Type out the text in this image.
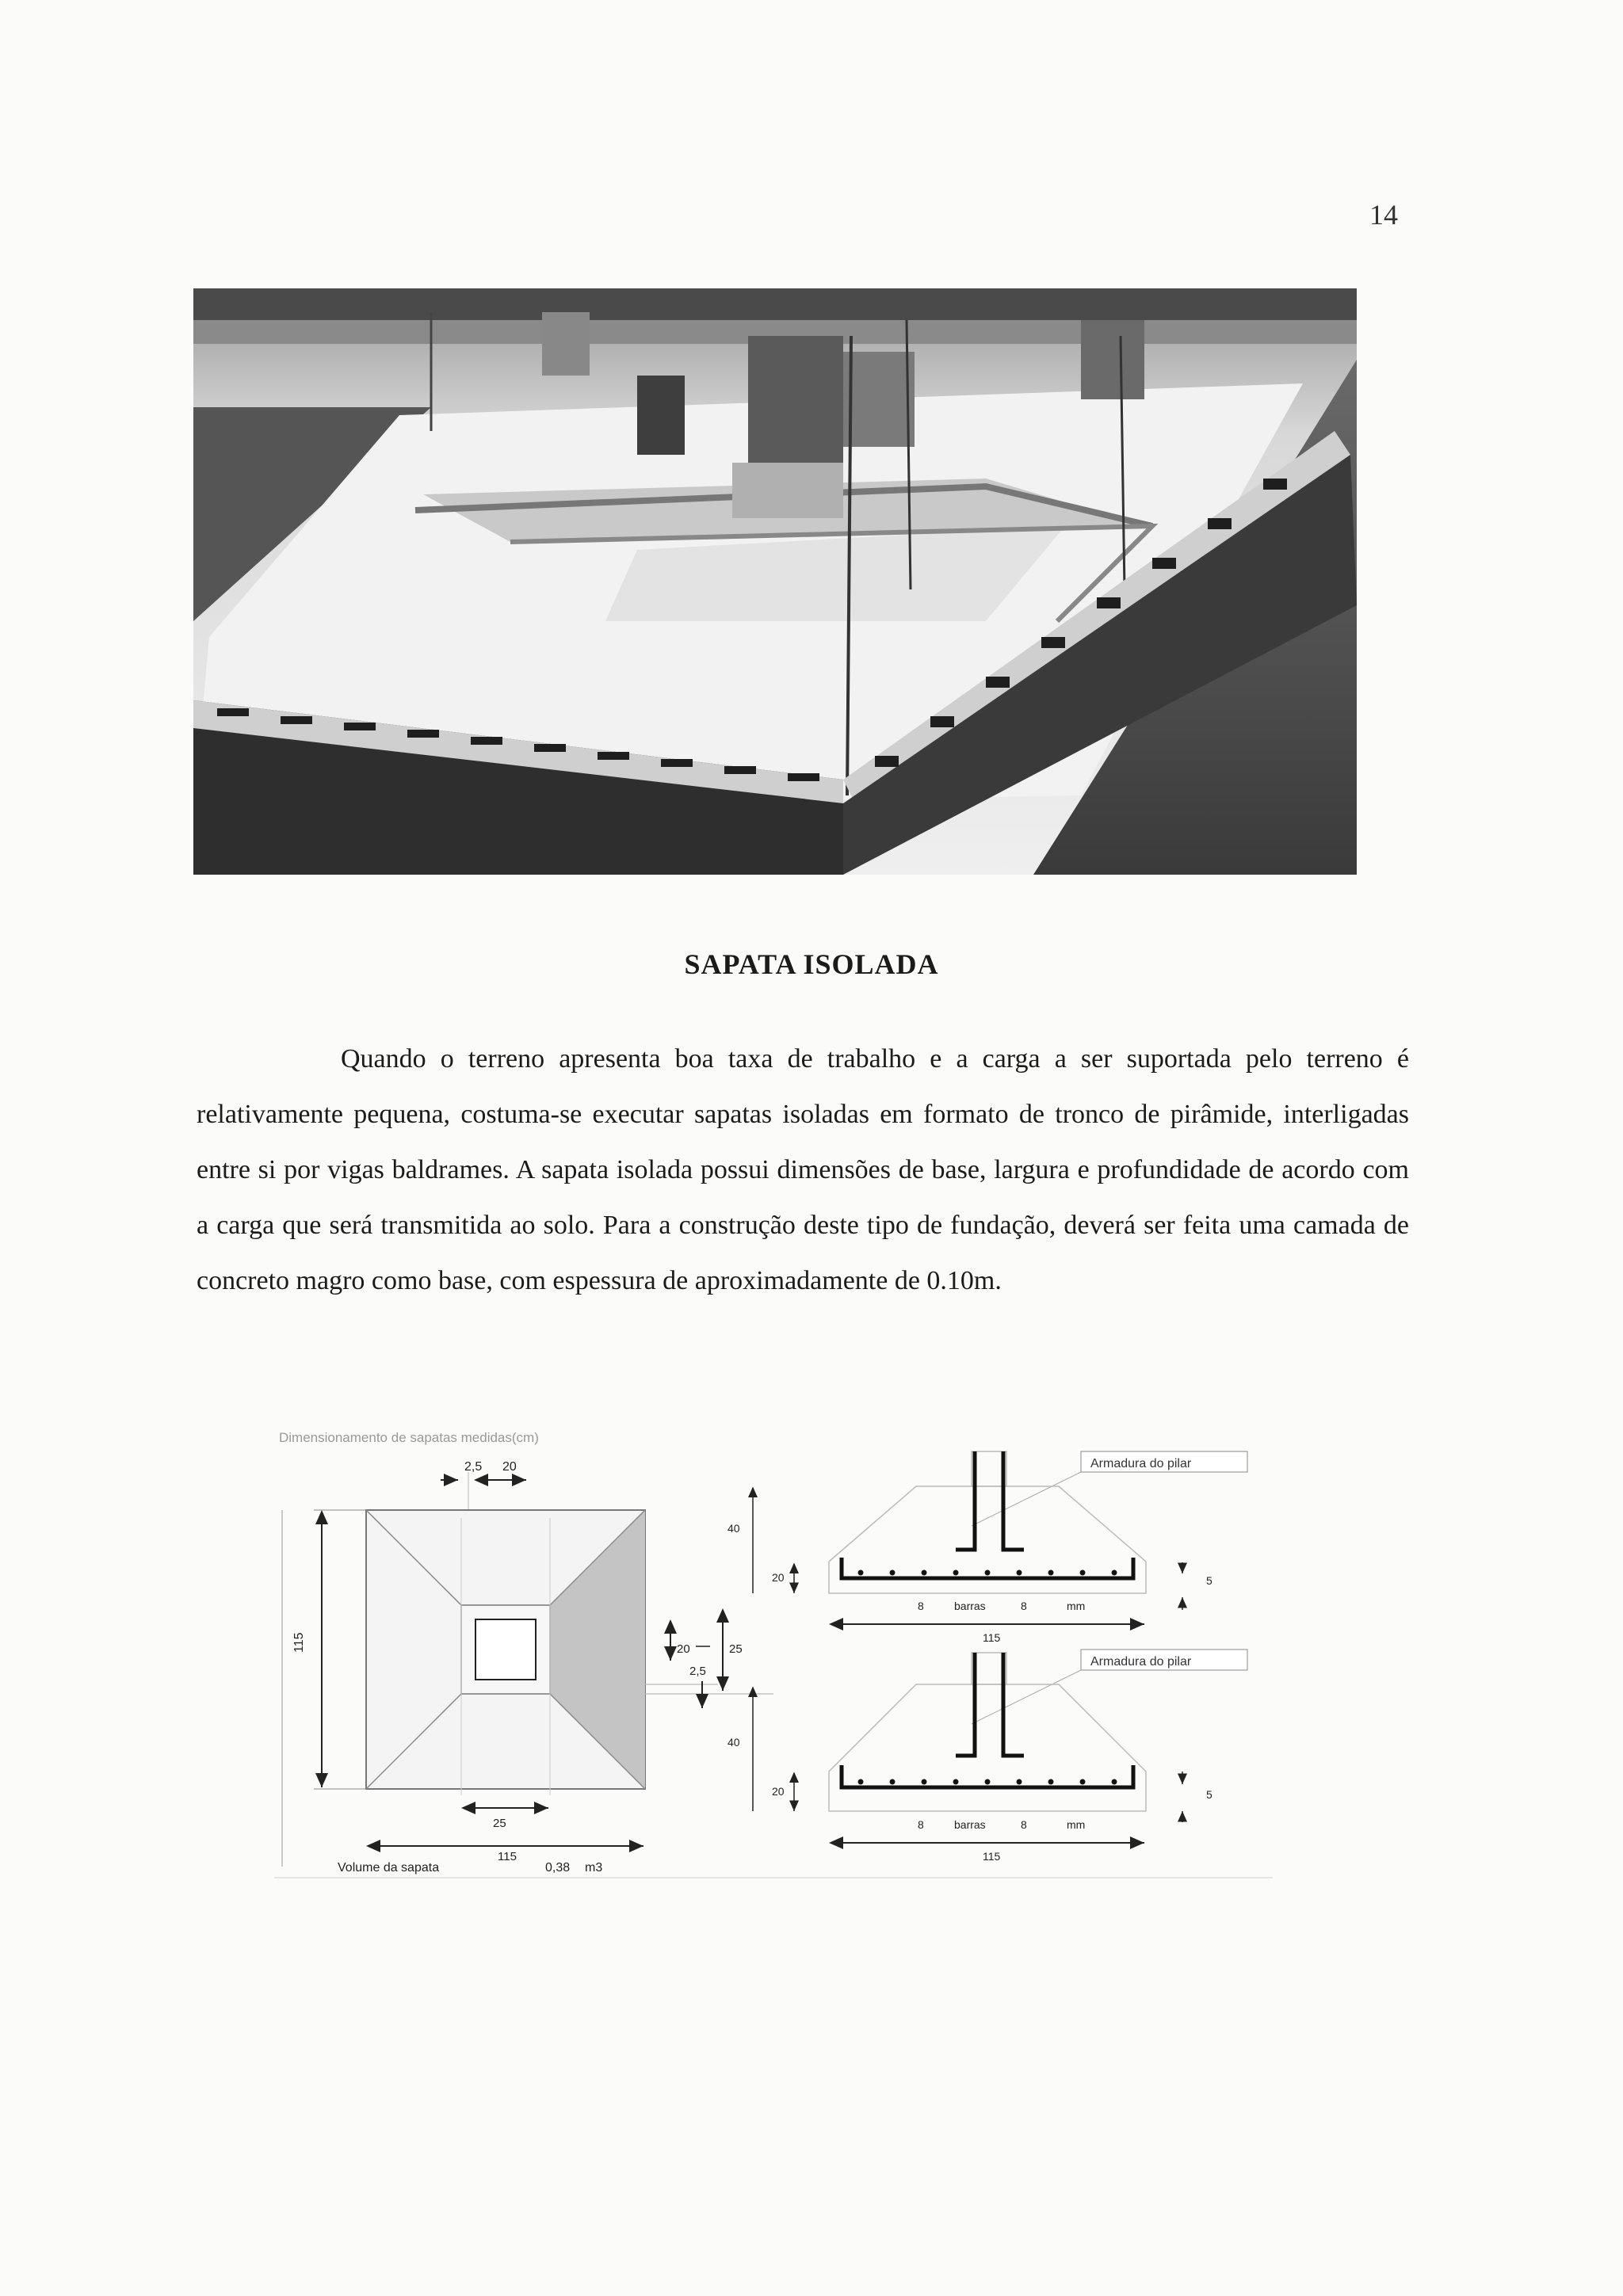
14
SAPATA ISOLADA

Quando o terreno apresenta boa taxa de trabalho e a carga a ser suportada pelo terreno é relativamente pequena, costuma-se executar sapatas isoladas em formato de tronco de pirâmide, interligadas entre si por vigas baldrames. A sapata isolada possui dimensões de base, largura e profundidade de acordo com a carga que será transmitida ao solo. Para a construção deste tipo de fundação, deverá ser feita uma camada de concreto magro como base, com espessura de aproximadamente de 0.10m.

Dimensionamento de sapatas medidas(cm)
2,5 20
115
25
115
Volume da sapata	0,38 m3
20
2,5
25
Armadura do pilar
40
20	5
8	barras	8	mm
115
Armadura do pilar
40
20	5
8	barras	8	mm
115
